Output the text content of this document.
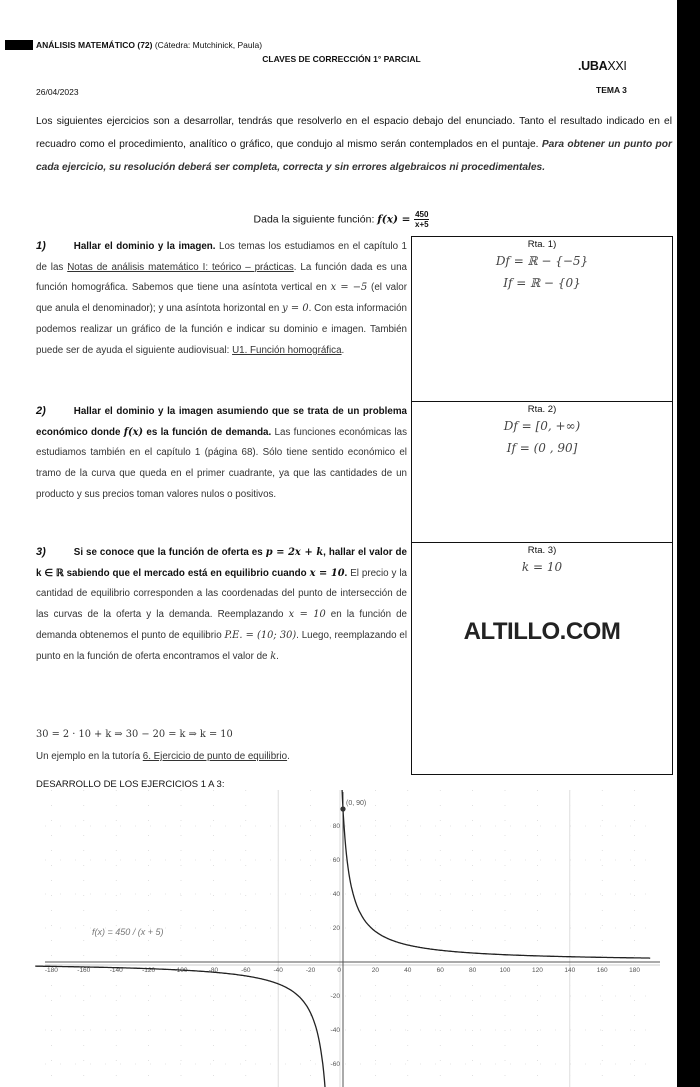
ANÁLISIS MATEMÁTICO (72) (Cátedra: Mutchinick, Paula)
CLAVES DE CORRECCIÓN 1° PARCIAL	.UBAXXI
26/04/2023	TEMA 3
Los siguientes ejercicios son a desarrollar, tendrás que resolverlo en el espacio debajo del enunciado. Tanto el resultado indicado en el recuadro como el procedimiento, analítico o gráfico, que condujo al mismo serán contemplados en el puntaje. Para obtener un punto por cada ejercicio, su resolución deberá ser completa, correcta y sin errores algebraicos ni procedimentales.
Dada la siguiente función: $f(x) = \frac{450}{x+5}$
1)	Hallar el dominio y la imagen. Los temas los estudiamos en el capítulo 1 de las Notas de análisis matemático I: teórico – prácticas. La función dada es una función homográfica. Sabemos que tiene una asíntota vertical en x = −5 (el valor que anula el denominador); y una asíntota horizontal en y = 0. Con esta información podemos realizar un gráfico de la función e indicar su dominio e imagen. También puede ser de ayuda el siguiente audiovisual: U1. Función homográfica.
Rta. 1)
Df = ℝ − {−5}
If = ℝ − {0}
2)	Hallar el dominio y la imagen asumiendo que se trata de un problema económico donde f(x) es la función de demanda. Las funciones económicas las estudiamos también en el capítulo 1 (página 68). Sólo tiene sentido económico el tramo de la curva que queda en el primer cuadrante, ya que las cantidades de un producto y sus precios toman valores nulos o positivos.
Rta. 2)
Df = [0, +∞)
If = (0 , 90]
3)	Si se conoce que la función de oferta es p = 2x + k, hallar el valor de k ∈ ℝ sabiendo que el mercado está en equilibrio cuando x = 10. El precio y la cantidad de equilibrio corresponden a las coordenadas del punto de intersección de las curvas de la oferta y la demanda. Reemplazando x = 10 en la función de demanda obtenemos el punto de equilibrio P.E. = (10; 30). Luego, reemplazando el punto en la función de oferta encontramos el valor de k.
30 = 2 · 10 + k ⇒ 30 − 20 = k ⇒ k = 10
Un ejemplo en la tutoría 6. Ejercicio de punto de equilibrio.
Rta. 3)
k = 10
ALTILLO.COM
DESARROLLO DE LOS EJERCICIOS 1 A 3:
-180	-160	-140	-120	-100	-80	-60	-40	-20	20	40	60	80	100	120	140	160	180
-60
-40
-20
20
40
60
80
0
(0, 90)
f(x) = 450 / (x + 5)
